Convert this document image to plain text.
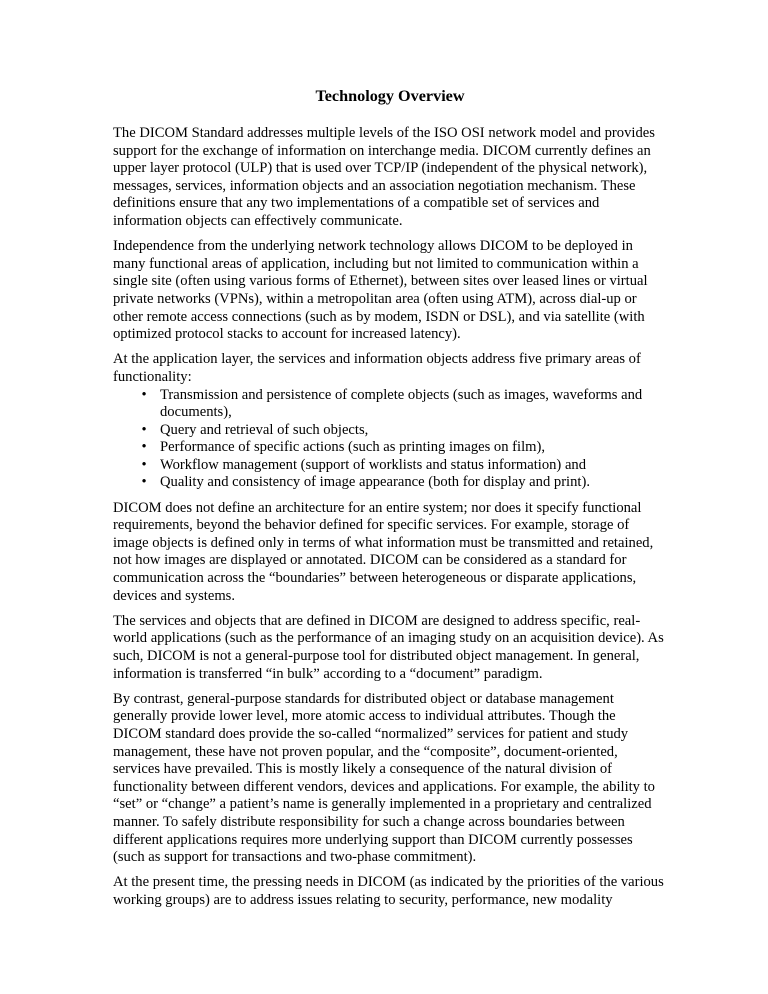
Technology Overview

The DICOM Standard addresses multiple levels of the ISO OSI network model and provides support for the exchange of information on interchange media. DICOM currently defines an upper layer protocol (ULP) that is used over TCP/IP (independent of the physical network), messages, services, information objects and an association negotiation mechanism. These definitions ensure that any two implementations of a compatible set of services and information objects can effectively communicate.

Independence from the underlying network technology allows DICOM to be deployed in many functional areas of application, including but not limited to communication within a single site (often using various forms of Ethernet), between sites over leased lines or virtual private networks (VPNs), within a metropolitan area (often using ATM), across dial-up or other remote access connections (such as by modem, ISDN or DSL), and via satellite (with optimized protocol stacks to account for increased latency).

At the application layer, the services and information objects address five primary areas of functionality:

• Transmission and persistence of complete objects (such as images, waveforms and documents),
• Query and retrieval of such objects,
• Performance of specific actions (such as printing images on film),
• Workflow management (support of worklists and status information) and
• Quality and consistency of image appearance (both for display and print).

DICOM does not define an architecture for an entire system; nor does it specify functional requirements, beyond the behavior defined for specific services. For example, storage of image objects is defined only in terms of what information must be transmitted and retained, not how images are displayed or annotated. DICOM can be considered as a standard for communication across the “boundaries” between heterogeneous or disparate applications, devices and systems.

The services and objects that are defined in DICOM are designed to address specific, real-world applications (such as the performance of an imaging study on an acquisition device). As such, DICOM is not a general-purpose tool for distributed object management. In general, information is transferred “in bulk” according to a “document” paradigm.

By contrast, general-purpose standards for distributed object or database management generally provide lower level, more atomic access to individual attributes. Though the DICOM standard does provide the so-called “normalized” services for patient and study management, these have not proven popular, and the “composite”, document-oriented, services have prevailed. This is mostly likely a consequence of the natural division of functionality between different vendors, devices and applications. For example, the ability to “set” or “change” a patient’s name is generally implemented in a proprietary and centralized manner. To safely distribute responsibility for such a change across boundaries between different applications requires more underlying support than DICOM currently possesses (such as support for transactions and two-phase commitment).

At the present time, the pressing needs in DICOM (as indicated by the priorities of the various working groups) are to address issues relating to security, performance, new modality
